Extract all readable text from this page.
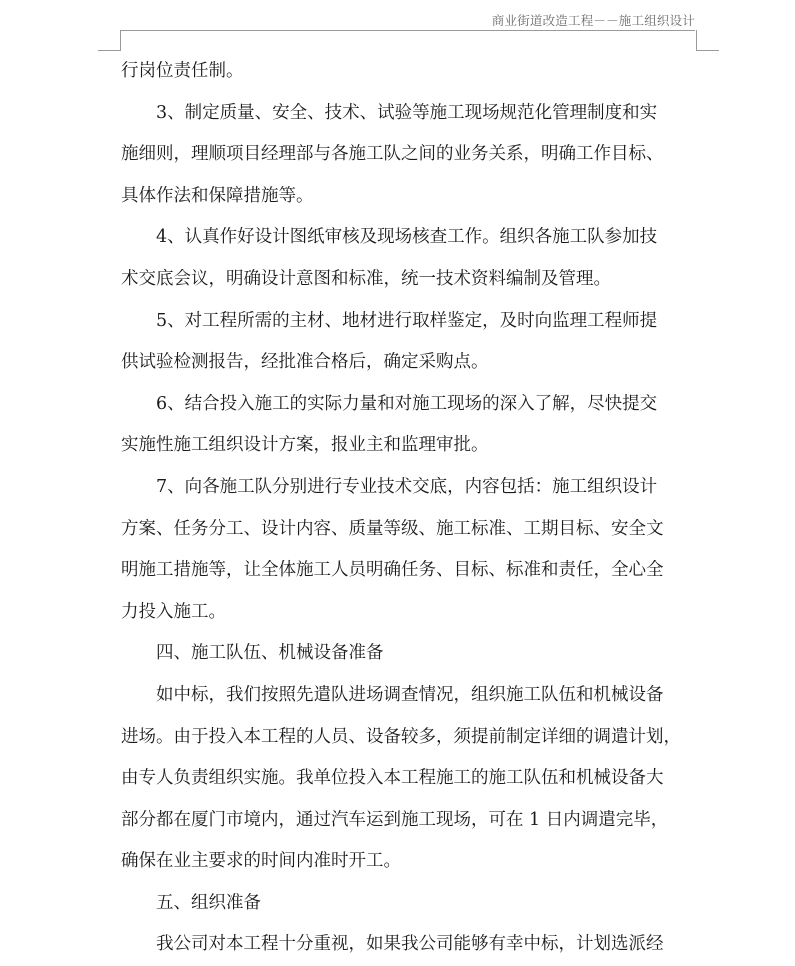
商业街道改造工程－－施工组织设计

行岗位责任制。

3、制定质量、安全、技术、试验等施工现场规范化管理制度和实

施细则，理顺项目经理部与各施工队之间的业务关系，明确工作目标、

具体作法和保障措施等。

4、认真作好设计图纸审核及现场核查工作。组织各施工队参加技

术交底会议，明确设计意图和标准，统一技术资料编制及管理。

5、对工程所需的主材、地材进行取样鉴定，及时向监理工程师提

供试验检测报告，经批准合格后，确定采购点。

6、结合投入施工的实际力量和对施工现场的深入了解，尽快提交

实施性施工组织设计方案，报业主和监理审批。

7、向各施工队分别进行专业技术交底，内容包括：施工组织设计

方案、任务分工、设计内容、质量等级、施工标准、工期目标、安全文

明施工措施等，让全体施工人员明确任务、目标、标准和责任，全心全

力投入施工。

四、施工队伍、机械设备准备

如中标，我们按照先遣队进场调查情况，组织施工队伍和机械设备

进场。由于投入本工程的人员、设备较多，须提前制定详细的调遣计划，

由专人负责组织实施。我单位投入本工程施工的施工队伍和机械设备大

部分都在厦门市境内，通过汽车运到施工现场，可在 1 日内调遣完毕，

确保在业主要求的时间内准时开工。

五、组织准备

我公司对本工程十分重视，如果我公司能够有幸中标，计划选派经
